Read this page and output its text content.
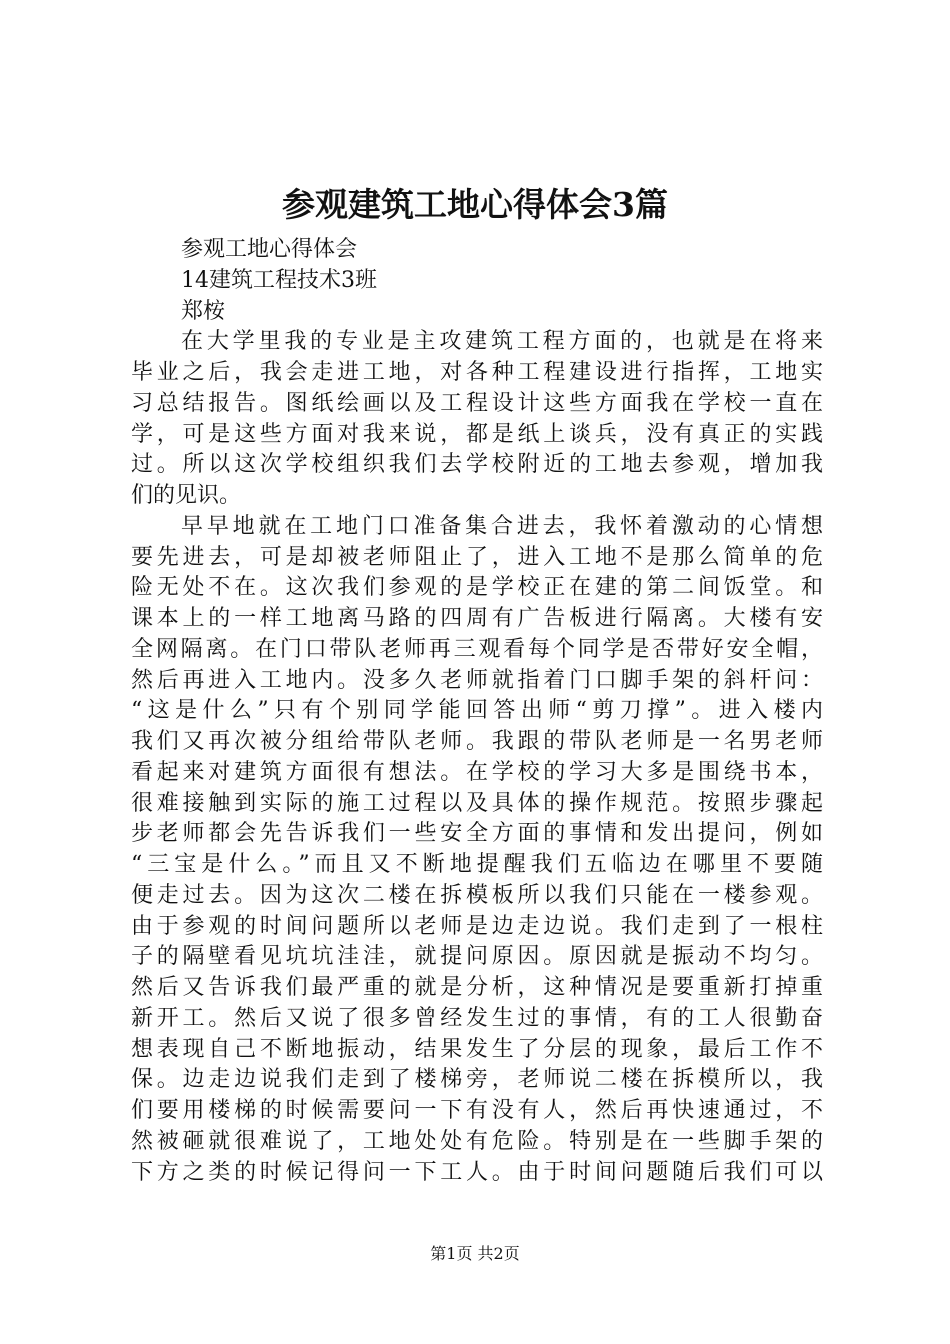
参观建筑工地心得体会3篇
参观工地心得体会
14建筑工程技术3班
郑桉
在大学里我的专业是主攻建筑工程方面的，也就是在将来
毕业之后，我会走进工地，对各种工程建设进行指挥，工地实
习总结报告。图纸绘画以及工程设计这些方面我在学校一直在
学，可是这些方面对我来说，都是纸上谈兵，没有真正的实践
过。所以这次学校组织我们去学校附近的工地去参观，增加我
们的见识。
早早地就在工地门口准备集合进去，我怀着激动的心情想
要先进去，可是却被老师阻止了，进入工地不是那么简单的危
险无处不在。这次我们参观的是学校正在建的第二间饭堂。和
课本上的一样工地离马路的四周有广告板进行隔离。大楼有安
全网隔离。在门口带队老师再三观看每个同学是否带好安全帽，
然后再进入工地内。没多久老师就指着门口脚手架的斜杆问：
“这是什么”只有个别同学能回答出师“剪刀撑”。进入楼内
我们又再次被分组给带队老师。我跟的带队老师是一名男老师
看起来对建筑方面很有想法。在学校的学习大多是围绕书本，
很难接触到实际的施工过程以及具体的操作规范。按照步骤起
步老师都会先告诉我们一些安全方面的事情和发出提问，例如
“三宝是什么。”而且又不断地提醒我们五临边在哪里不要随
便走过去。因为这次二楼在拆模板所以我们只能在一楼参观。
由于参观的时间问题所以老师是边走边说。我们走到了一根柱
子的隔壁看见坑坑洼洼，就提问原因。原因就是振动不均匀。
然后又告诉我们最严重的就是分析，这种情况是要重新打掉重
新开工。然后又说了很多曾经发生过的事情，有的工人很勤奋
想表现自己不断地振动，结果发生了分层的现象，最后工作不
保。边走边说我们走到了楼梯旁，老师说二楼在拆模所以，我
们要用楼梯的时候需要问一下有没有人，然后再快速通过，不
然被砸就很难说了，工地处处有危险。特别是在一些脚手架的
下方之类的时候记得问一下工人。由于时间问题随后我们可以
第1页 共2页
